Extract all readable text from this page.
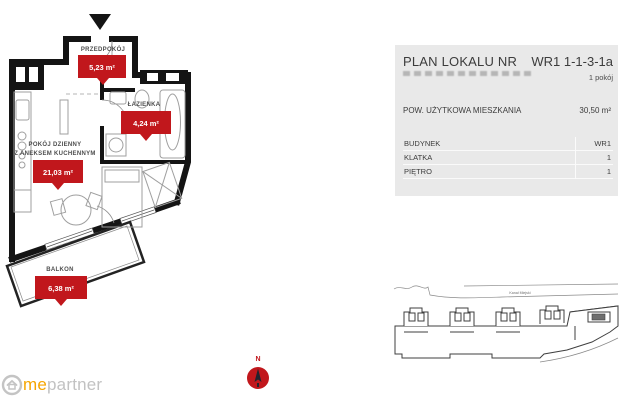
PRZEDPOKÓJ
5,23 m²
ŁAZIENKA
4,24 m²
POKÓJ DZIENNY
Z ANEKSEM KUCHENNYM
21,03 m²
BALKON
6,38 m²
PLAN LOKALU NR WR1 1-1-3-1a
1 pokój
POW. UŻYTKOWA MIESZKANIA	30,50 m²
BUDYNEK	WR1
KLATKA	1
PIĘTRO	1
Kanał Miejski
N
me partner
